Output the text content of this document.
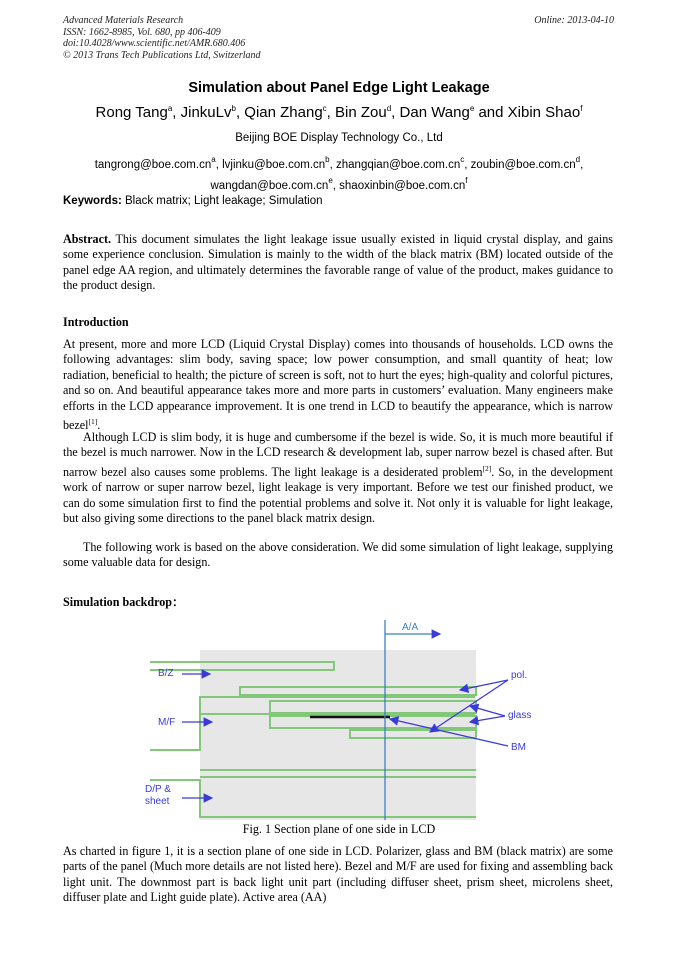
Advanced Materials Research
ISSN: 1662-8985, Vol. 680, pp 406-409
doi:10.4028/www.scientific.net/AMR.680.406
© 2013 Trans Tech Publications Ltd, Switzerland
Online: 2013-04-10
Simulation about Panel Edge Light Leakage
Rong Tang$^a$, JinkuLv$^b$, Qian Zhang$^c$, Bin Zou$^d$, Dan Wang$^e$ and Xibin Shao$^f$
Beijing BOE Display Technology Co., Ltd
$tangrong@boe.com.cn^a$, $lvjinku@boe.com.cn^b$, $zhangqian@boe.com.cn^c$, $zoubin@boe.com.cn^d$,
$wangdan@boe.com.cn^e$, $shaoxinbin@boe.com.cn^f$
Keywords: Black matrix; Light leakage; Simulation
Abstract. This document simulates the light leakage issue usually existed in liquid crystal display, and gains some experience conclusion. Simulation is mainly to the width of the black matrix (BM) located outside of the panel edge AA region, and ultimately determines the favorable range of value of the product, makes guidance to the product design.
Introduction
At present, more and more LCD (Liquid Crystal Display) comes into thousands of households. LCD owns the following advantages: slim body, saving space; low power consumption, and small quantity of heat; low radiation, beneficial to health; the picture of screen is soft, not to hurt the eyes; high-quality and colorful pictures, and so on. And beautiful appearance takes more and more parts in customers’ evaluation. Many engineers make efforts in the LCD appearance improvement. It is one trend in LCD to beautify the appearance, which is narrow bezel[1].
Although LCD is slim body, it is huge and cumbersome if the bezel is wide. So, it is much more beautiful if the bezel is much narrower. Now in the LCD research & development lab, super narrow bezel is chased after. But narrow bezel also causes some problems. The light leakage is a desiderated problem[2]. So, in the development work of narrow or super narrow bezel, light leakage is very important. Before we test our finished product, we can do some simulation first to find the potential problems and solve it. Not only it is valuable for light leakage, but also giving some directions to the panel black matrix design.
The following work is based on the above consideration. We did some simulation of light leakage, supplying some valuable data for design.
Simulation backdrop：
A/A
B/Z
M/F
D/P &
sheet
pol.
glass
BM
Fig. 1 Section plane of one side in LCD
As charted in figure 1, it is a section plane of one side in LCD. Polarizer, glass and BM (black matrix) are some parts of the panel (Much more details are not listed here). Bezel and M/F are used for fixing and assembling back light unit. The downmost part is back light unit part (including diffuser sheet, prism sheet, microlens sheet, diffuser plate and Light guide plate). Active area (AA)
